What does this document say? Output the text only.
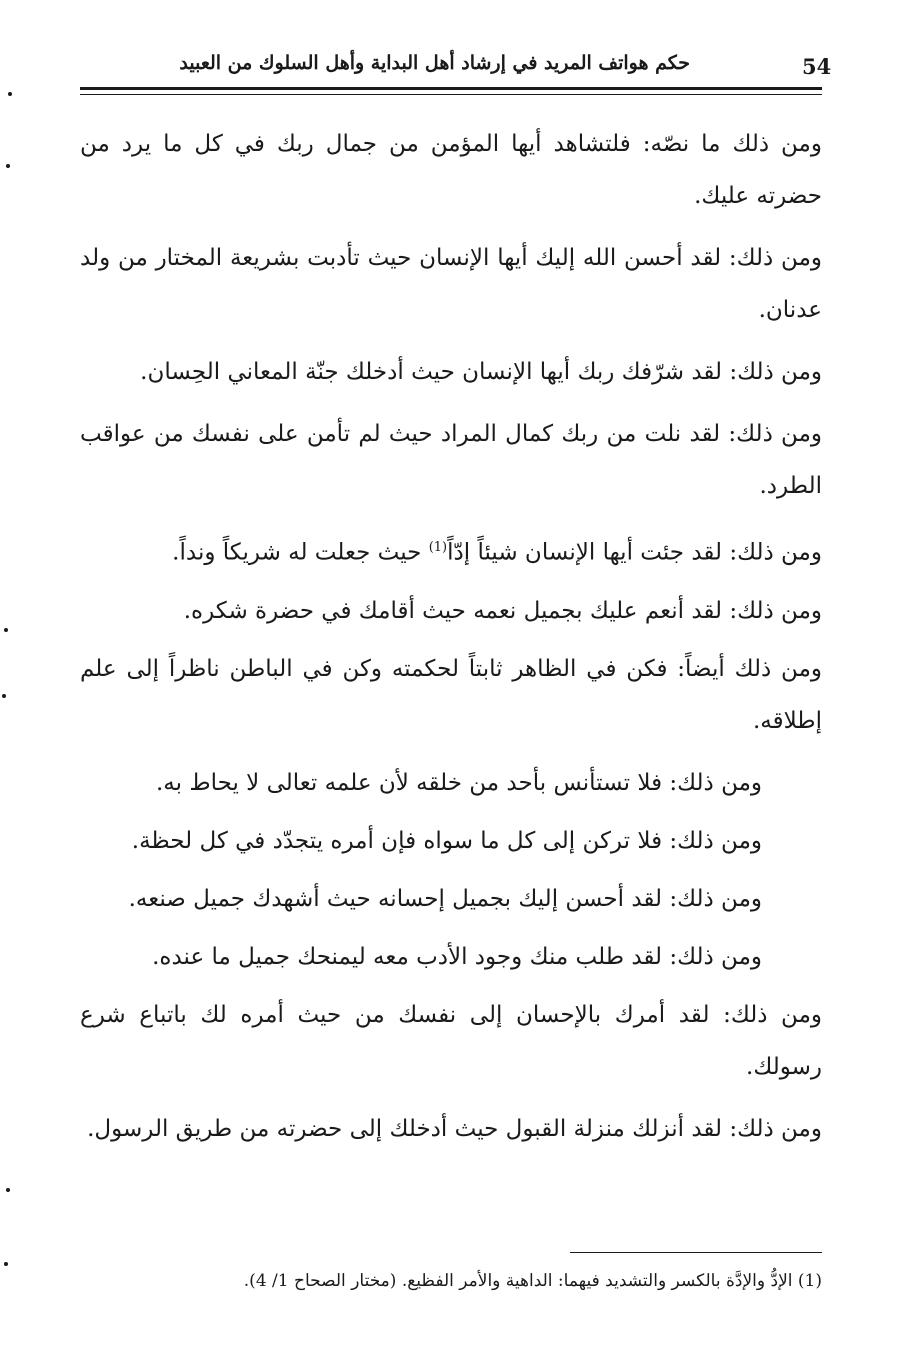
54
حكم هواتف المريد في إرشاد أهل البداية وأهل السلوك من العبيد

ومن ذلك ما نصّه: فلتشاهد أيها المؤمن من جمال ربك في كل ما يرد من حضرته عليك.

ومن ذلك: لقد أحسن الله إليك أيها الإنسان حيث تأدبت بشريعة المختار من ولد عدنان.

ومن ذلك: لقد شرّفك ربك أيها الإنسان حيث أدخلك جنّة المعاني الحِسان.

ومن ذلك: لقد نلت من ربك كمال المراد حيث لم تأمن على نفسك من عواقب الطرد.

ومن ذلك: لقد جئت أيها الإنسان شيئاً إدّاً$^{(1)}$ حيث جعلت له شريكاً ونداً.

ومن ذلك: لقد أنعم عليك بجميل نعمه حيث أقامك في حضرة شكره.

ومن ذلك أيضاً: فكن في الظاهر ثابتاً لحكمته وكن في الباطن ناظراً إلى علم إطلاقه.

ومن ذلك: فلا تستأنس بأحد من خلقه لأن علمه تعالى لا يحاط به.

ومن ذلك: فلا تركن إلى كل ما سواه فإن أمره يتجدّد في كل لحظة.

ومن ذلك: لقد أحسن إليك بجميل إحسانه حيث أشهدك جميل صنعه.

ومن ذلك: لقد طلب منك وجود الأدب معه ليمنحك جميل ما عنده.

ومن ذلك: لقد أمرك بالإحسان إلى نفسك من حيث أمره لك باتباع شرع رسولك.

ومن ذلك: لقد أنزلك منزلة القبول حيث أدخلك إلى حضرته من طريق الرسول.

(1) الإدُّ والإدَّة بالكسر والتشديد فيهما: الداهية والأمر الفظيع. (مختار الصحاح 1/ 4).
